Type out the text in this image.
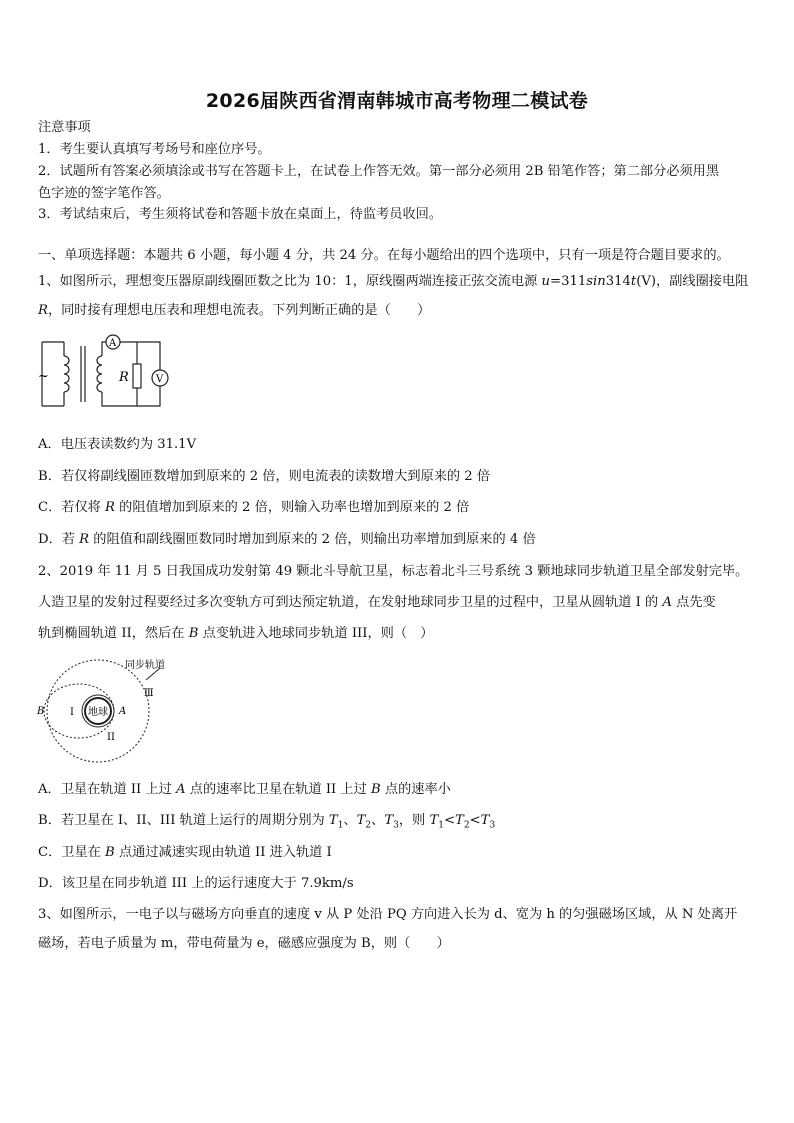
2026届陕西省渭南韩城市高考物理二模试卷
注意事项
1．考生要认真填写考场号和座位序号。
2．试题所有答案必须填涂或书写在答题卡上，在试卷上作答无效。第一部分必须用 2B 铅笔作答；第二部分必须用黑
色字迹的签字笔作答。
3．考试结束后，考生须将试卷和答题卡放在桌面上，待监考员收回。
一、单项选择题：本题共 6 小题，每小题 4 分，共 24 分。在每小题给出的四个选项中，只有一项是符合题目要求的。
1、如图所示，理想变压器原副线圈匝数之比为 10：1，原线圈两端连接正弦交流电源 u=311sin314t(V)，副线圈接电阻
R，同时接有理想电压表和理想电流表。下列判断正确的是（　　）
~
A
R	V
A．电压表读数约为 31.1V
B．若仅将副线圈匝数增加到原来的 2 倍，则电流表的读数增大到原来的 2 倍
C．若仅将 R 的阻值增加到原来的 2 倍，则输入功率也增加到原来的 2 倍
D．若 R 的阻值和副线圈匝数同时增加到原来的 2 倍，则输出功率增加到原来的 4 倍
2、2019 年 11 月 5 日我国成功发射第 49 颗北斗导航卫星，标志着北斗三号系统 3 颗地球同步轨道卫星全部发射完毕。
人造卫星的发射过程要经过多次变轨方可到达预定轨道，在发射地球同步卫星的过程中，卫星从圆轨道 I 的 A 点先变
轨到椭圆轨道 II，然后在 B 点变轨进入地球同步轨道 III，则（　）
同步轨道
地球
I
II
Ⅲ
A
B
A．卫星在轨道 II 上过 A 点的速率比卫星在轨道 II 上过 B 点的速率小
B．若卫星在 I、II、III 轨道上运行的周期分别为 $T_1$、$T_2$、$T_3$，则 $T_1<T_2<T_3$
C．卫星在 B 点通过减速实现由轨道 II 进入轨道 I
D．该卫星在同步轨道 III 上的运行速度大于 7.9km/s
3、如图所示，一电子以与磁场方向垂直的速度 v 从 P 处沿 PQ 方向进入长为 d、宽为 h 的匀强磁场区域，从 N 处离开
磁场，若电子质量为 m，带电荷量为 e，磁感应强度为 B，则（　　）
